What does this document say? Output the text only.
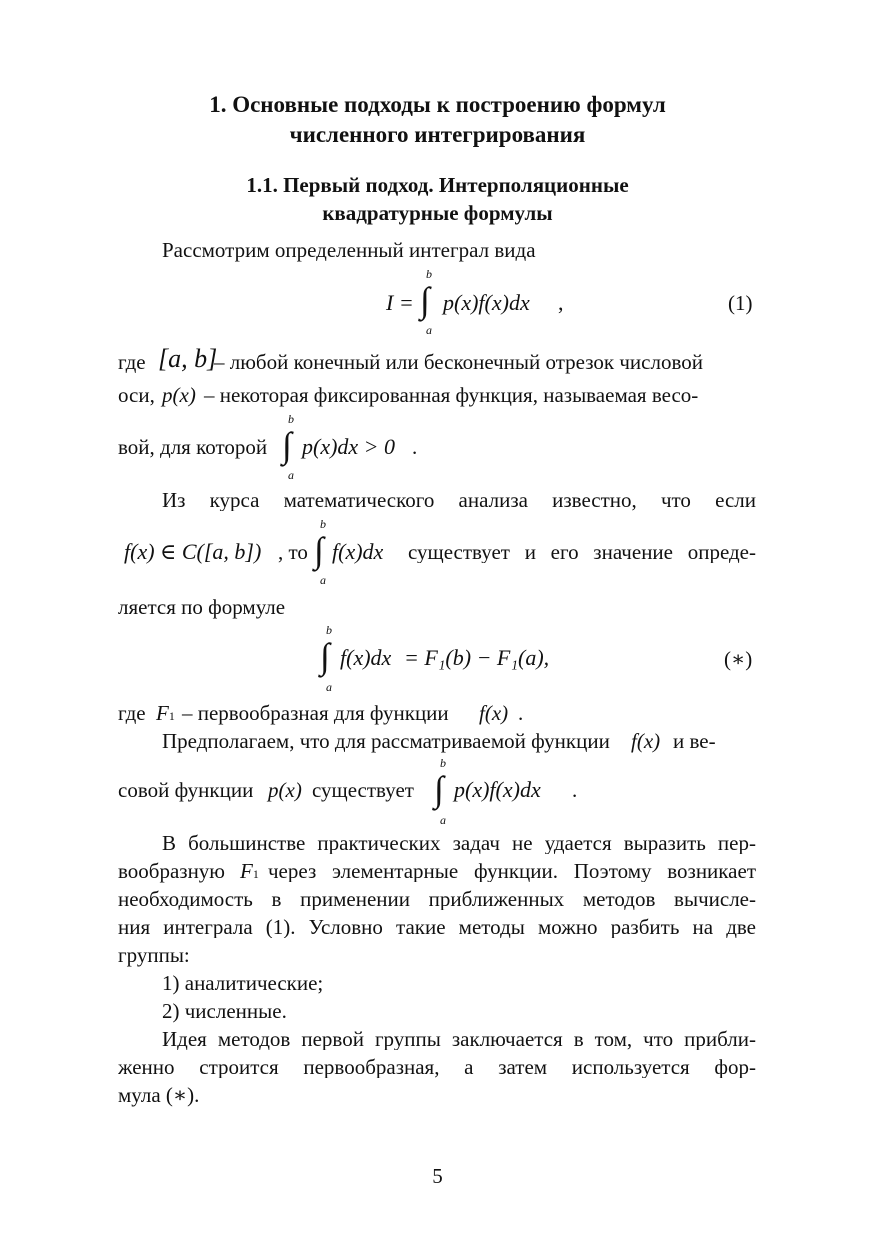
1. Основные подходы к построению формул
численного интегрирования
1.1. Первый подход. Интерполяционные
квадратурные формулы
Рассмотрим определенный интеграл вида
I =
b
∫
a
p(x)f(x)dx ,	(1)
где [a, b]
– любой конечный или бесконечный отрезок числовой
оси, p(x) – некоторая фиксированная функция, называемая весо-
вой, для которой
b
∫
a
p(x)dx > 0 .
Из курса математического анализа известно, что если
f(x) ∈ C([a, b]) , то
b
∫
a
f(x)dx существует и его значение опреде-
ляется по формуле
b
∫
a
f(x)dx = F₁(b) − F₁(a),	(∗)
где F1 – первообразная для функции f(x) .
Предполагаем, что для рассматриваемой функции f(x) и ве-
совой функции p(x) существует
b
∫
a
p(x)f(x)dx .
В большинстве практических задач не удается выразить пер-
вообразную F1 через элементарные функции. Поэтому возникает
необходимость в применении приближенных методов вычисле-
ния интеграла (1). Условно такие методы можно разбить на две
группы:
1) аналитические;
2) численные.
Идея методов первой группы заключается в том, что прибли-
женно строится первообразная, а затем используется фор-
мула (∗).
5
